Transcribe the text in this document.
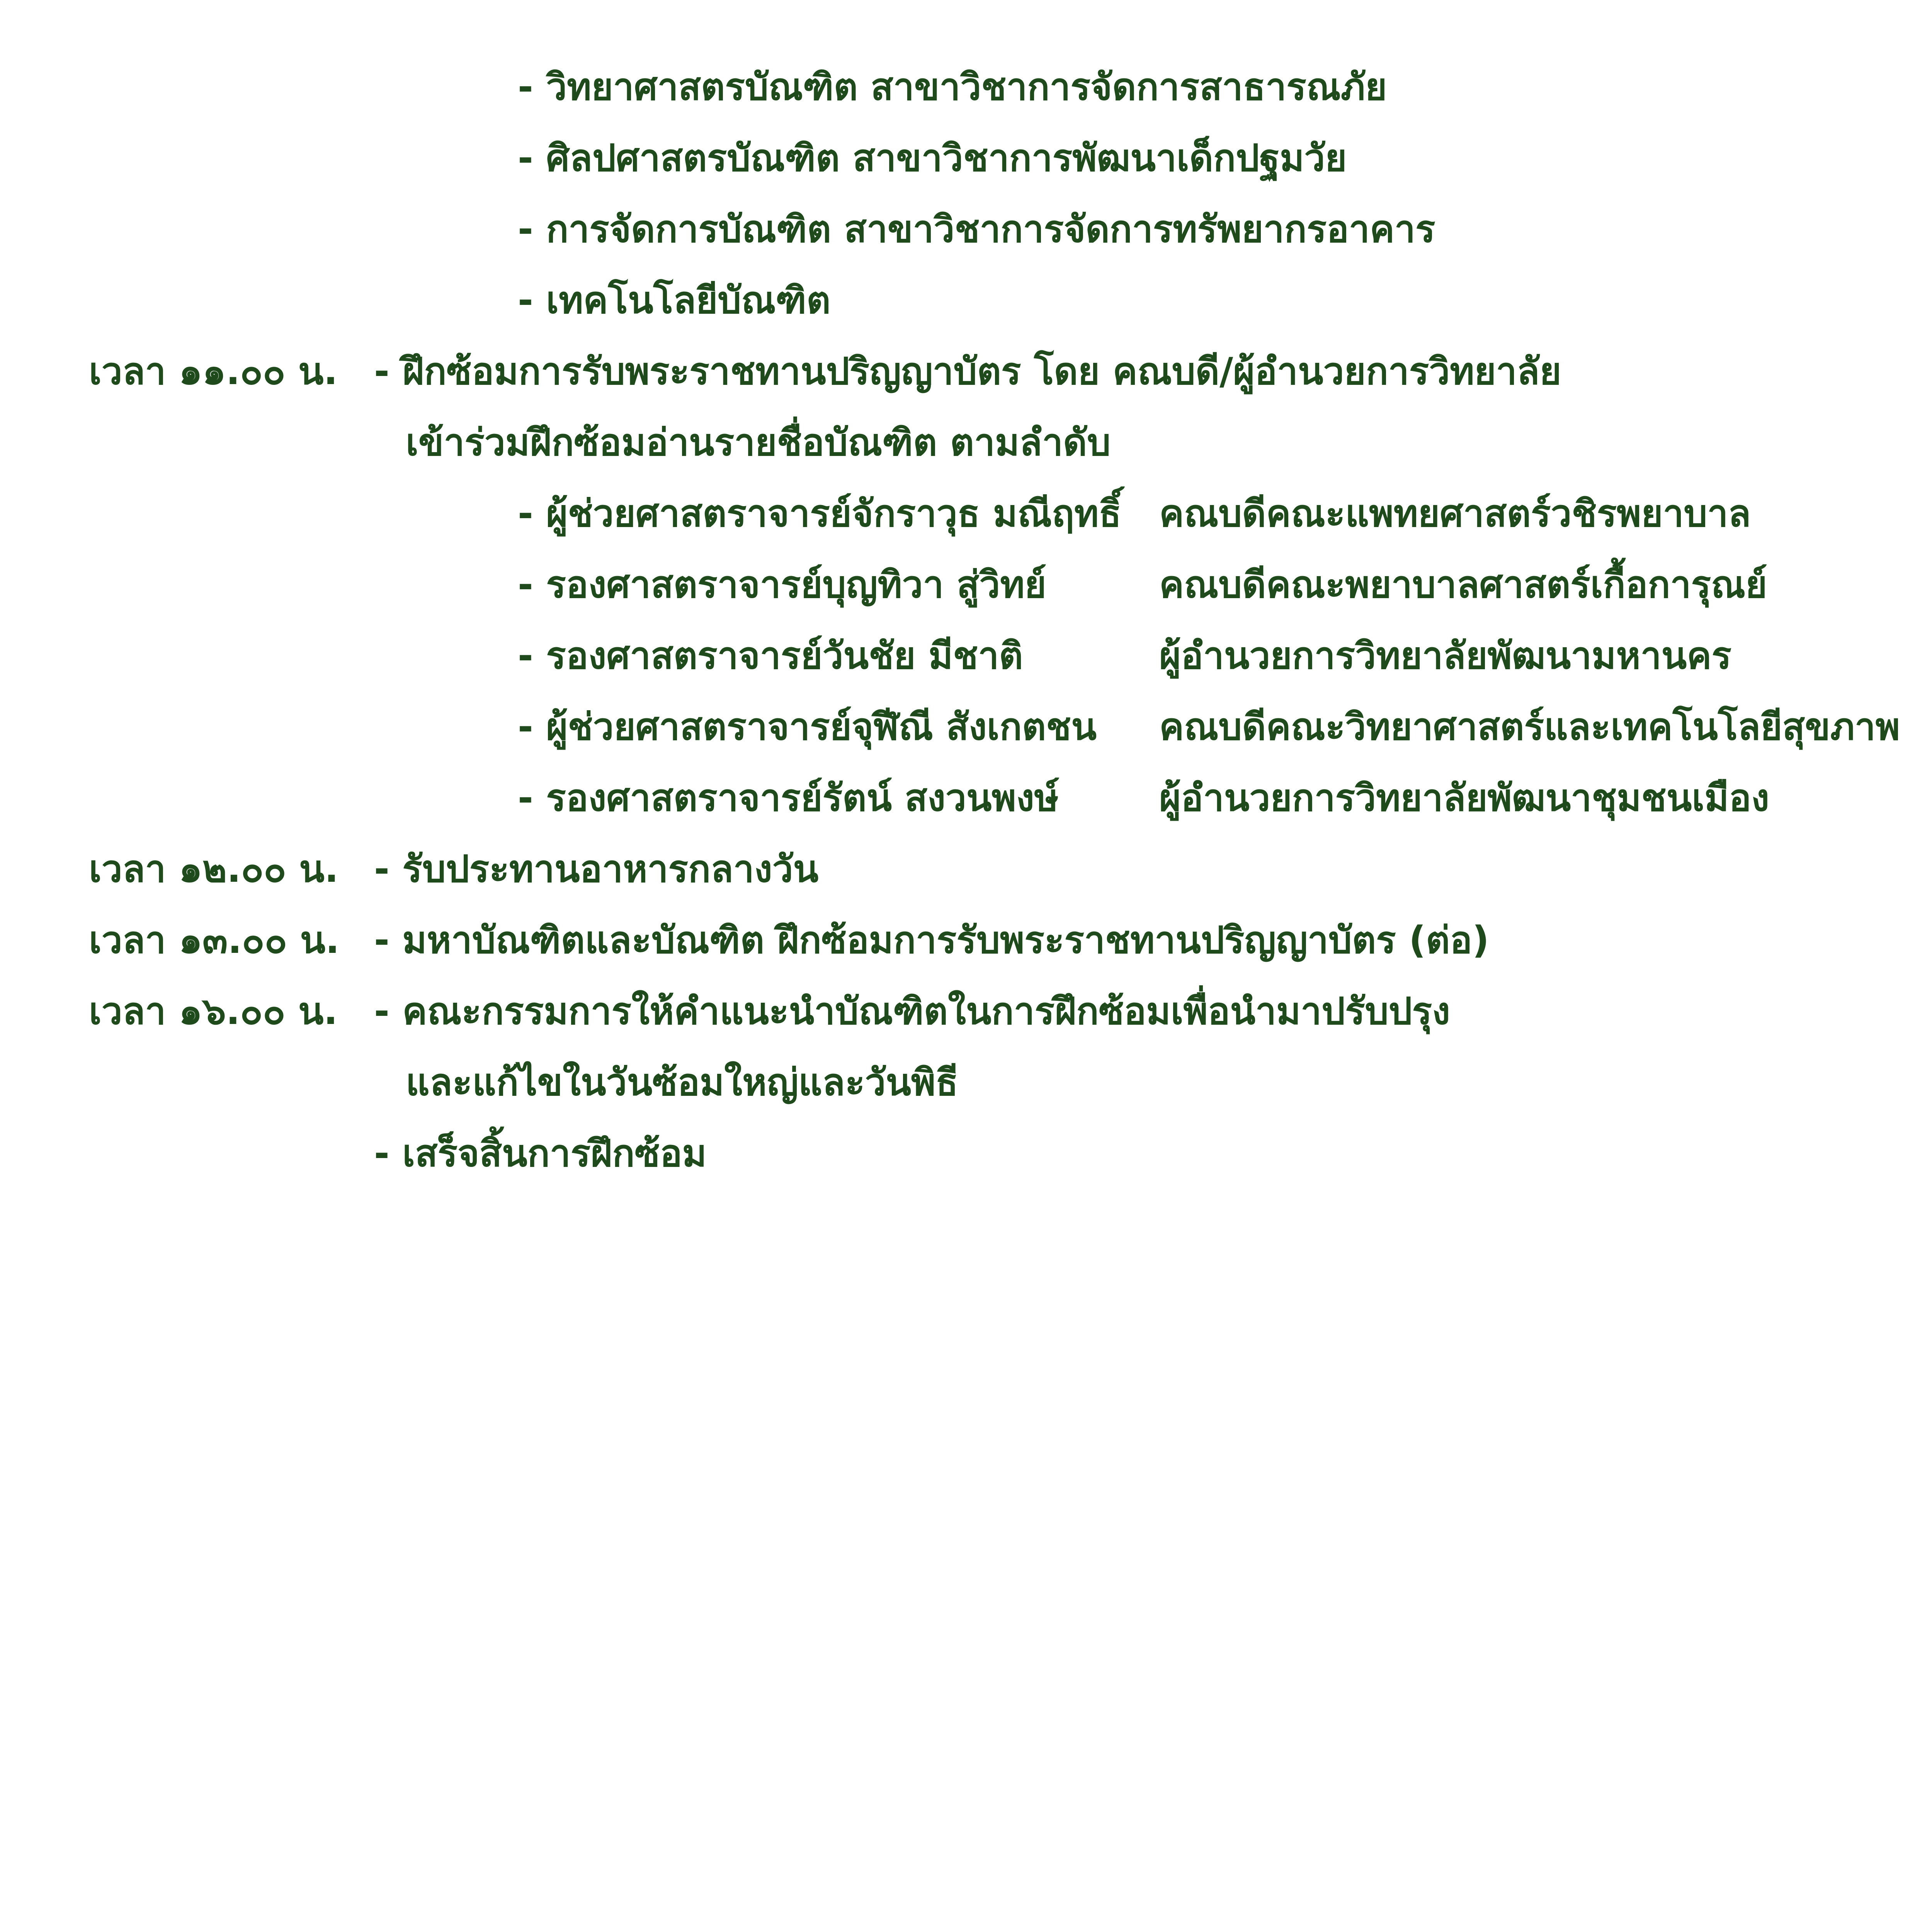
- วิทยาศาสตรบัณฑิต สาขาวิชาการจัดการสาธารณภัย
- ศิลปศาสตรบัณฑิต สาขาวิชาการพัฒนาเด็กปฐมวัย
- การจัดการบัณฑิต สาขาวิชาการจัดการทรัพยากรอาคาร
- เทคโนโลยีบัณฑิต
เวลา ๑๑.๐๐ น. - ฝึกซ้อมการรับพระราชทานปริญญาบัตร โดย คณบดี/ผู้อำนวยการวิทยาลัย
เข้าร่วมฝึกซ้อมอ่านรายชื่อบัณฑิต ตามลำดับ
- ผู้ช่วยศาสตราจารย์จักราวุธ มณีฤทธิ์ คณบดีคณะแพทยศาสตร์วชิรพยาบาล
- รองศาสตราจารย์บุญทิวา สู่วิทย์	คณบดีคณะพยาบาลศาสตร์เกื้อการุณย์
- รองศาสตราจารย์วันชัย มีชาติ	ผู้อำนวยการวิทยาลัยพัฒนามหานคร
- ผู้ช่วยศาสตราจารย์จุฬีณี สังเกตชน คณบดีคณะวิทยาศาสตร์และเทคโนโลยีสุขภาพ
- รองศาสตราจารย์รัตน์ สงวนพงษ์	ผู้อำนวยการวิทยาลัยพัฒนาชุมชนเมือง
เวลา ๑๒.๐๐ น. - รับประทานอาหารกลางวัน
เวลา ๑๓.๐๐ น. - มหาบัณฑิตและบัณฑิต ฝึกซ้อมการรับพระราชทานปริญญาบัตร (ต่อ)
เวลา ๑๖.๐๐ น. - คณะกรรมการให้คำแนะนำบัณฑิตในการฝึกซ้อมเพื่อนำมาปรับปรุง
และแก้ไขในวันซ้อมใหญ่และวันพิธี
- เสร็จสิ้นการฝึกซ้อม
